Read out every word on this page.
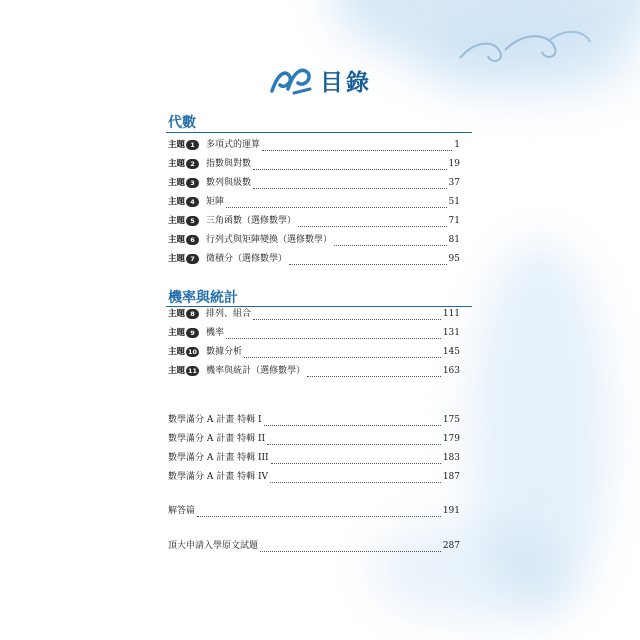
目錄
代數
主題 1	多項式的運算	1
主題 2	指數與對數	19
主題 3	數列與級數	37
主題 4	矩陣	51
主題 5	三角函數（選修數學）	71
主題 6	行列式與矩陣變換（選修數學）	81
主題 7	微積分（選修數學）	95
機率與統計
主題 8	排列、組合	111
主題 9	機率	131
主題 10 數據分析	145
主題 11 機率與統計（選修數學）	163
數學滿分 A 計畫 特輯 I	175
數學滿分 A 計畫 特輯 II	179
數學滿分 A 計畫 特輯 III	183
數學滿分 A 計畫 特輯 IV	187
解答篇	191
頂大申請入學原文試題	287
